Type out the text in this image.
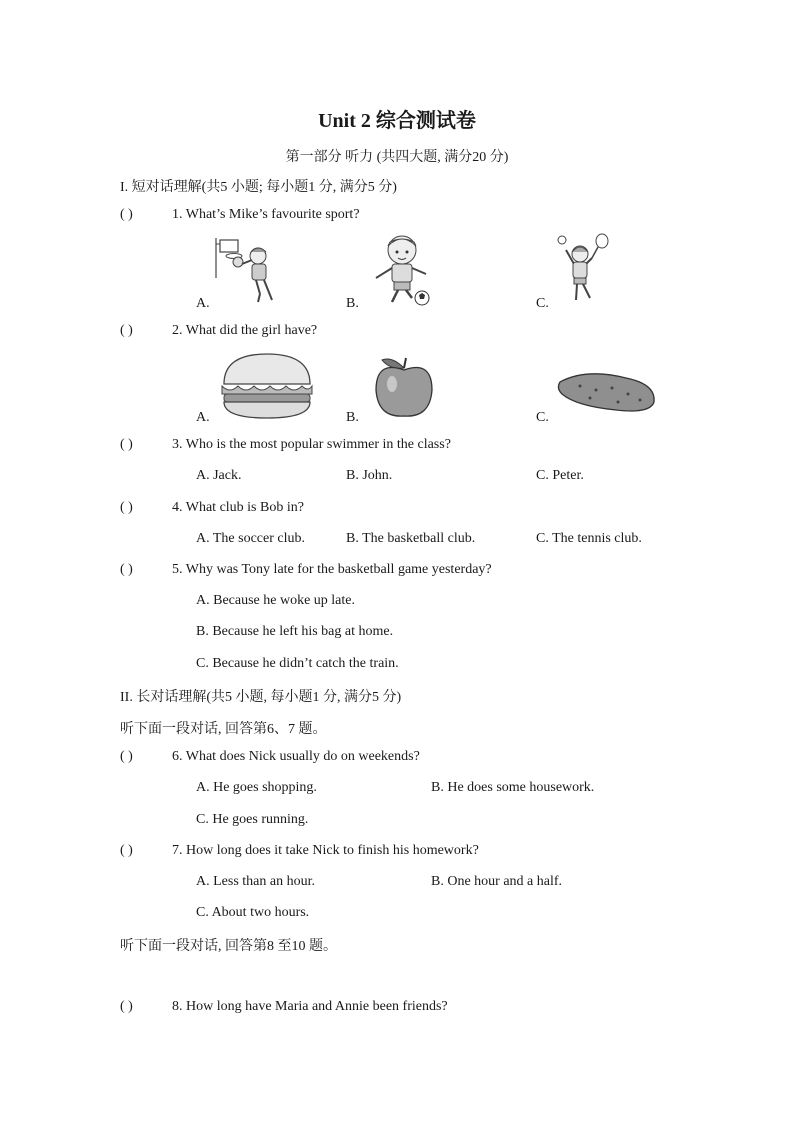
Unit 2 综合测试卷
第一部分 听力 (共四大题, 满分20 分)
I. 短对话理解(共5 小题; 每小题1 分, 满分5 分)
( )	1. What’s Mike’s favourite sport?
A.	B.	C.
( )	2. What did the girl have?
A.	B.	C.
( )	3. Who is the most popular swimmer in the class?
A. Jack.	B. John.	C. Peter.
( )	4. What club is Bob in?
A. The soccer club.	B. The basketball club.	C. The tennis club.
( )	5. Why was Tony late for the basketball game yesterday?
A. Because he woke up late.
B. Because he left his bag at home.
C. Because he didn’t catch the train.
II. 长对话理解(共5 小题, 每小题1 分, 满分5 分)
听下面一段对话, 回答第6、7 题。
( )	6. What does Nick usually do on weekends?
A. He goes shopping.	B. He does some housework.
C. He goes running.
( )	7. How long does it take Nick to finish his homework?
A. Less than an hour.	B. One hour and a half.
C. About two hours.
听下面一段对话, 回答第8 至10 题。
( )	8. How long have Maria and Annie been friends?
